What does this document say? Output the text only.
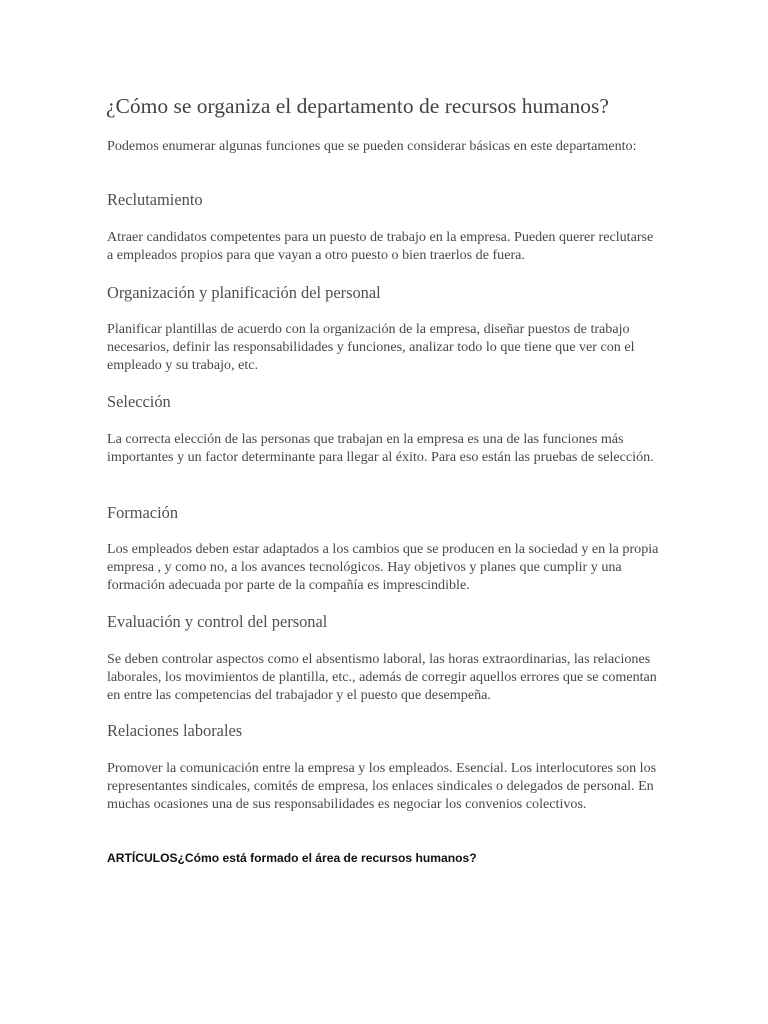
¿Cómo se organiza el departamento de recursos humanos?

Podemos enumerar algunas funciones que se pueden considerar básicas en este departamento:

Reclutamiento

Atraer candidatos competentes para un puesto de trabajo en la empresa. Pueden querer reclutarse a empleados propios para que vayan a otro puesto o bien traerlos de fuera.

Organización y planificación del personal

Planificar plantillas de acuerdo con la organización de la empresa, diseñar puestos de trabajo necesarios, definir las responsabilidades y funciones, analizar todo lo que tiene que ver con el empleado y su trabajo, etc.

Selección

La correcta elección de las personas que trabajan en la empresa es una de las funciones más importantes y un factor determinante para llegar al éxito. Para eso están las pruebas de selección.

Formación

Los empleados deben estar adaptados a los cambios que se producen en la sociedad y en la propia empresa , y como no, a los avances tecnológicos. Hay objetivos y planes que cumplir y una formación adecuada por parte de la compañía es imprescindible.

Evaluación y control del personal

Se deben controlar aspectos como el absentismo laboral, las horas extraordinarias, las relaciones laborales, los movimientos de plantilla, etc., además de corregir aquellos errores que se comentan en entre las competencias del trabajador y el puesto que desempeña.

Relaciones laborales

Promover la comunicación entre la empresa y los empleados. Esencial. Los interlocutores son los representantes sindicales, comités de empresa, los enlaces sindicales o delegados de personal. En muchas ocasiones una de sus responsabilidades es negociar los convenios colectivos.

ARTÍCULOS¿Cómo está formado el área de recursos humanos?
